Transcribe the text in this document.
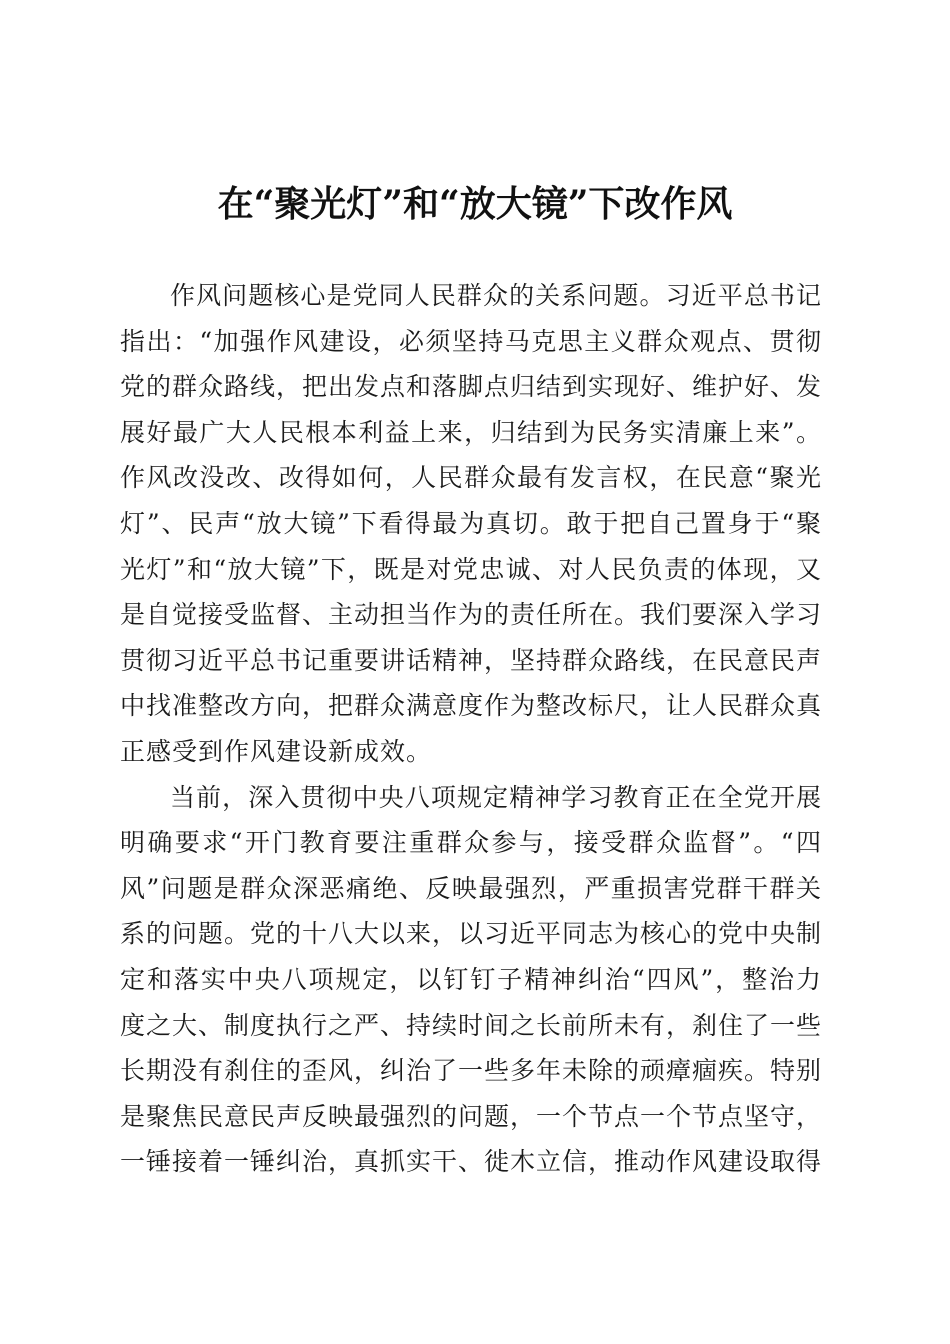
在“聚光灯”和“放大镜”下改作风

作风问题核心是党同人民群众的关系问题。习近平总书记指出：“加强作风建设，必须坚持马克思主义群众观点、贯彻党的群众路线，把出发点和落脚点归结到实现好、维护好、发展好最广大人民根本利益上来，归结到为民务实清廉上来”。作风改没改、改得如何，人民群众最有发言权，在民意“聚光灯”、民声“放大镜”下看得最为真切。敢于把自己置身于“聚光灯”和“放大镜”下，既是对党忠诚、对人民负责的体现，又是自觉接受监督、主动担当作为的责任所在。我们要深入学习贯彻习近平总书记重要讲话精神，坚持群众路线，在民意民声中找准整改方向，把群众满意度作为整改标尺，让人民群众真正感受到作风建设新成效。

当前，深入贯彻中央八项规定精神学习教育正在全党开展明确要求“开门教育要注重群众参与，接受群众监督”。“四风”问题是群众深恶痛绝、反映最强烈，严重损害党群干群关系的问题。党的十八大以来，以习近平同志为核心的党中央制定和落实中央八项规定，以钉钉子精神纠治“四风”，整治力度之大、制度执行之严、持续时间之长前所未有，刹住了一些长期没有刹住的歪风，纠治了一些多年未除的顽瘴痼疾。特别是聚焦民意民声反映最强烈的问题，一个节点一个节点坚守，一锤接着一锤纠治，真抓实干、徙木立信，推动作风建设取得
